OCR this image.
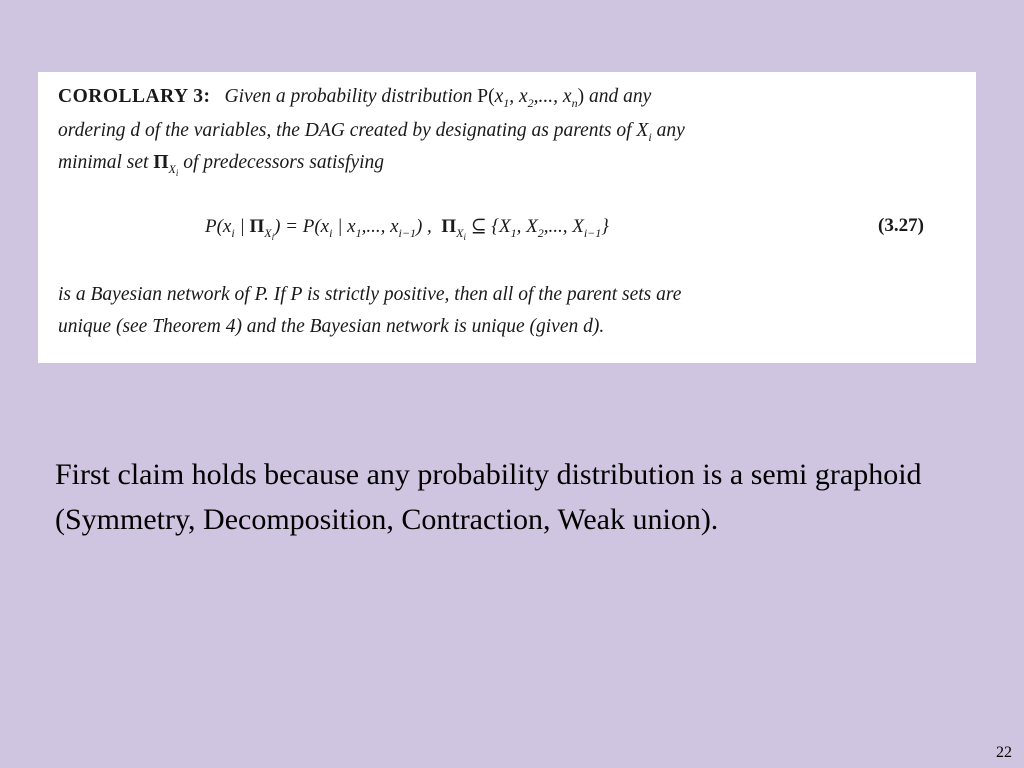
COROLLARY 3: Given a probability distribution $P(x_1$, $x_2$,..., $x_n$) and any
ordering d of the variables, the DAG created by designating as parents of $X_i$ any
minimal set $\Pi_{X_i}$ of predecessors satisfying
$P(x_i$ | $\Pi_{X_i}) = P(x_i$ | $x_1$,..., $x_{i-1}$) ,  $\Pi_{X_i}$ ⊆ {$X_1$, $X_2$,..., $X_{i-1}$}	(3.27)
is a Bayesian network of P. If P is strictly positive, then all of the parent sets are
unique (see Theorem 4) and the Bayesian network is unique (given d).
First claim holds because any probability distribution is a semi graphoid (Symmetry, Decomposition, Contraction, Weak union).
22
